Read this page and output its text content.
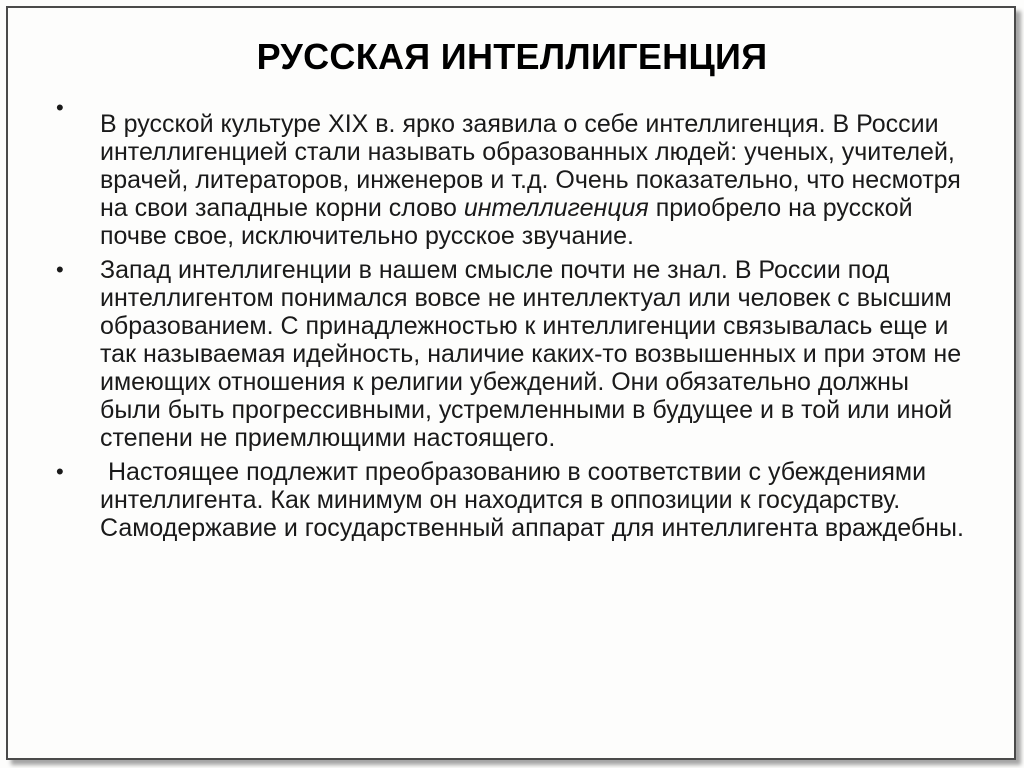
РУССКАЯ ИНТЕЛЛИГЕНЦИЯ
•
В русской культуре XIX в. ярко заявила о себе интеллигенция. В России интеллигенцией стали называть образованных людей: ученых, учителей, врачей, литераторов, инженеров и т.д. Очень показательно, что несмотря на свои западные корни слово интеллигенция приобрело на русской почве свое, исключительно русское звучание.
•	Запад интеллигенции в нашем смысле почти не знал. В России под интеллигентом понимался вовсе не интеллектуал или человек с высшим образованием. С принадлежностью к интеллигенции связывалась еще и так называемая идейность, наличие каких-то возвышенных и при этом не имеющих отношения к религии убеждений. Они обязательно должны были быть прогрессивными, устремленными в будущее и в той или иной степени не приемлющими настоящего.
•	Настоящее подлежит преобразованию в соответствии с убеждениями интеллигента. Как минимум он находится в оппозиции к государству. Самодержавие и государственный аппарат для интеллигента враждебны.
